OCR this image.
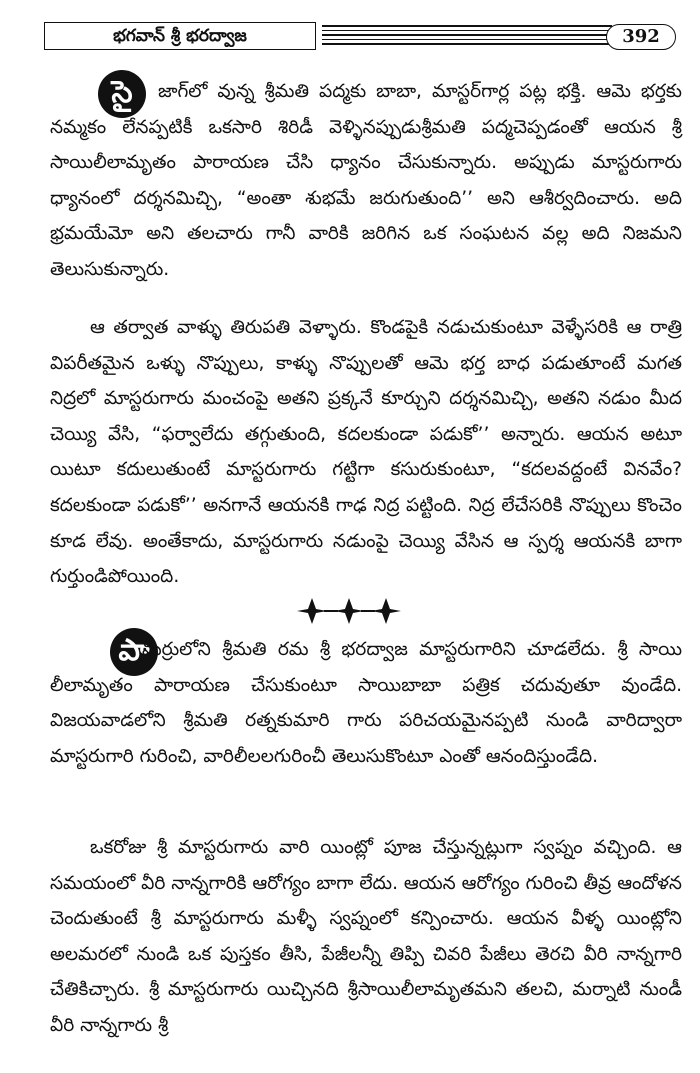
భగవాన్ శ్రీ భరద్వాజ	392
సై	జాగ్‌లో వున్న శ్రీమతి పద్మకు బాబా, మాస్టర్‌గార్ల పట్ల భక్తి. ఆమె భర్తకు నమ్మకం లేనప్పటికీ ఒకసారి శిరిడీ వెళ్ళినప్పుడుశ్రీమతి పద్మచెప్పడంతో ఆయన శ్రీ సాయిలీలామృతం పారాయణ చేసి ధ్యానం చేసుకున్నారు. అప్పుడు మాస్టరుగారు ధ్యానంలో దర్శనమిచ్చి, “అంతా శుభమే జరుగుతుంది’’ అని ఆశీర్వదించారు. అది భ్రమయేమో అని తలచారు గానీ వారికి జరిగిన ఒక సంఘటన వల్ల అది నిజమని తెలుసుకున్నారు.

ఆ తర్వాత వాళ్ళు తిరుపతి వెళ్ళారు. కొండపైకి నడుచుకుంటూ వెళ్ళేసరికి ఆ రాత్రి విపరీతమైన ఒళ్ళు నొప్పులు, కాళ్ళు నొప్పులతో ఆమె భర్త బాధ పడుతూంటే మగత నిద్రలో మాస్టరుగారు మంచంపై అతని ప్రక్కనే కూర్చుని దర్శనమిచ్చి, అతని నడుం మీద చెయ్యి వేసి, “ఫర్వాలేదు తగ్గుతుంది, కదలకుండా పడుకో’’ అన్నారు. ఆయన అటూ యిటూ కదులుతుంటే మాస్టరుగారు గట్టిగా కసురుకుంటూ, “కదలవద్దంటే వినవేం? కదలకుండా పడుకో’’ అనగానే ఆయనకి గాఢ నిద్ర పట్టింది. నిద్ర లేచేసరికి నొప్పులు కొంచెం కూడ లేవు. అంతేకాదు, మాస్టరుగారు నడుంపై చెయ్యి వేసిన ఆ స్పర్శ ఆయనకి బాగా గుర్తుండిపోయింది.

పా

మర్రులోని శ్రీమతి రమ శ్రీ భరద్వాజ మాస్టరుగారిని చూడలేదు. శ్రీ సాయి లీలామృతం పారాయణ చేసుకుంటూ సాయిబాబా పత్రిక చదువుతూ వుండేది. విజయవాడలోని శ్రీమతి రత్నకుమారి గారు పరిచయమైనప్పటి నుండి వారిద్వారా మాస్టరుగారి గురించి, వారిలీలలగురించీ తెలుసుకొంటూ ఎంతో ఆనందిస్తుండేది.

ఒకరోజు శ్రీ మాస్టరుగారు వారి యింట్లో పూజ చేస్తున్నట్లుగా స్వప్నం వచ్చింది. ఆ సమయంలో వీరి నాన్నగారికి ఆరోగ్యం బాగా లేదు. ఆయన ఆరోగ్యం గురించి తీవ్ర ఆందోళన చెందుతుంటే శ్రీ మాస్టరుగారు మళ్ళీ స్వప్నంలో కన్పించారు. ఆయన వీళ్ళ యింట్లోని అలమరలో నుండి ఒక పుస్తకం తీసి, పేజీలన్నీ తిప్పి చివరి పేజీలు తెరచి వీరి నాన్నగారి చేతికిచ్చారు. శ్రీ మాస్టరుగారు యిచ్చినది శ్రీసాయిలీలామృతమని తలచి, మర్నాటి నుండీ వీరి నాన్నగారు శ్రీ
